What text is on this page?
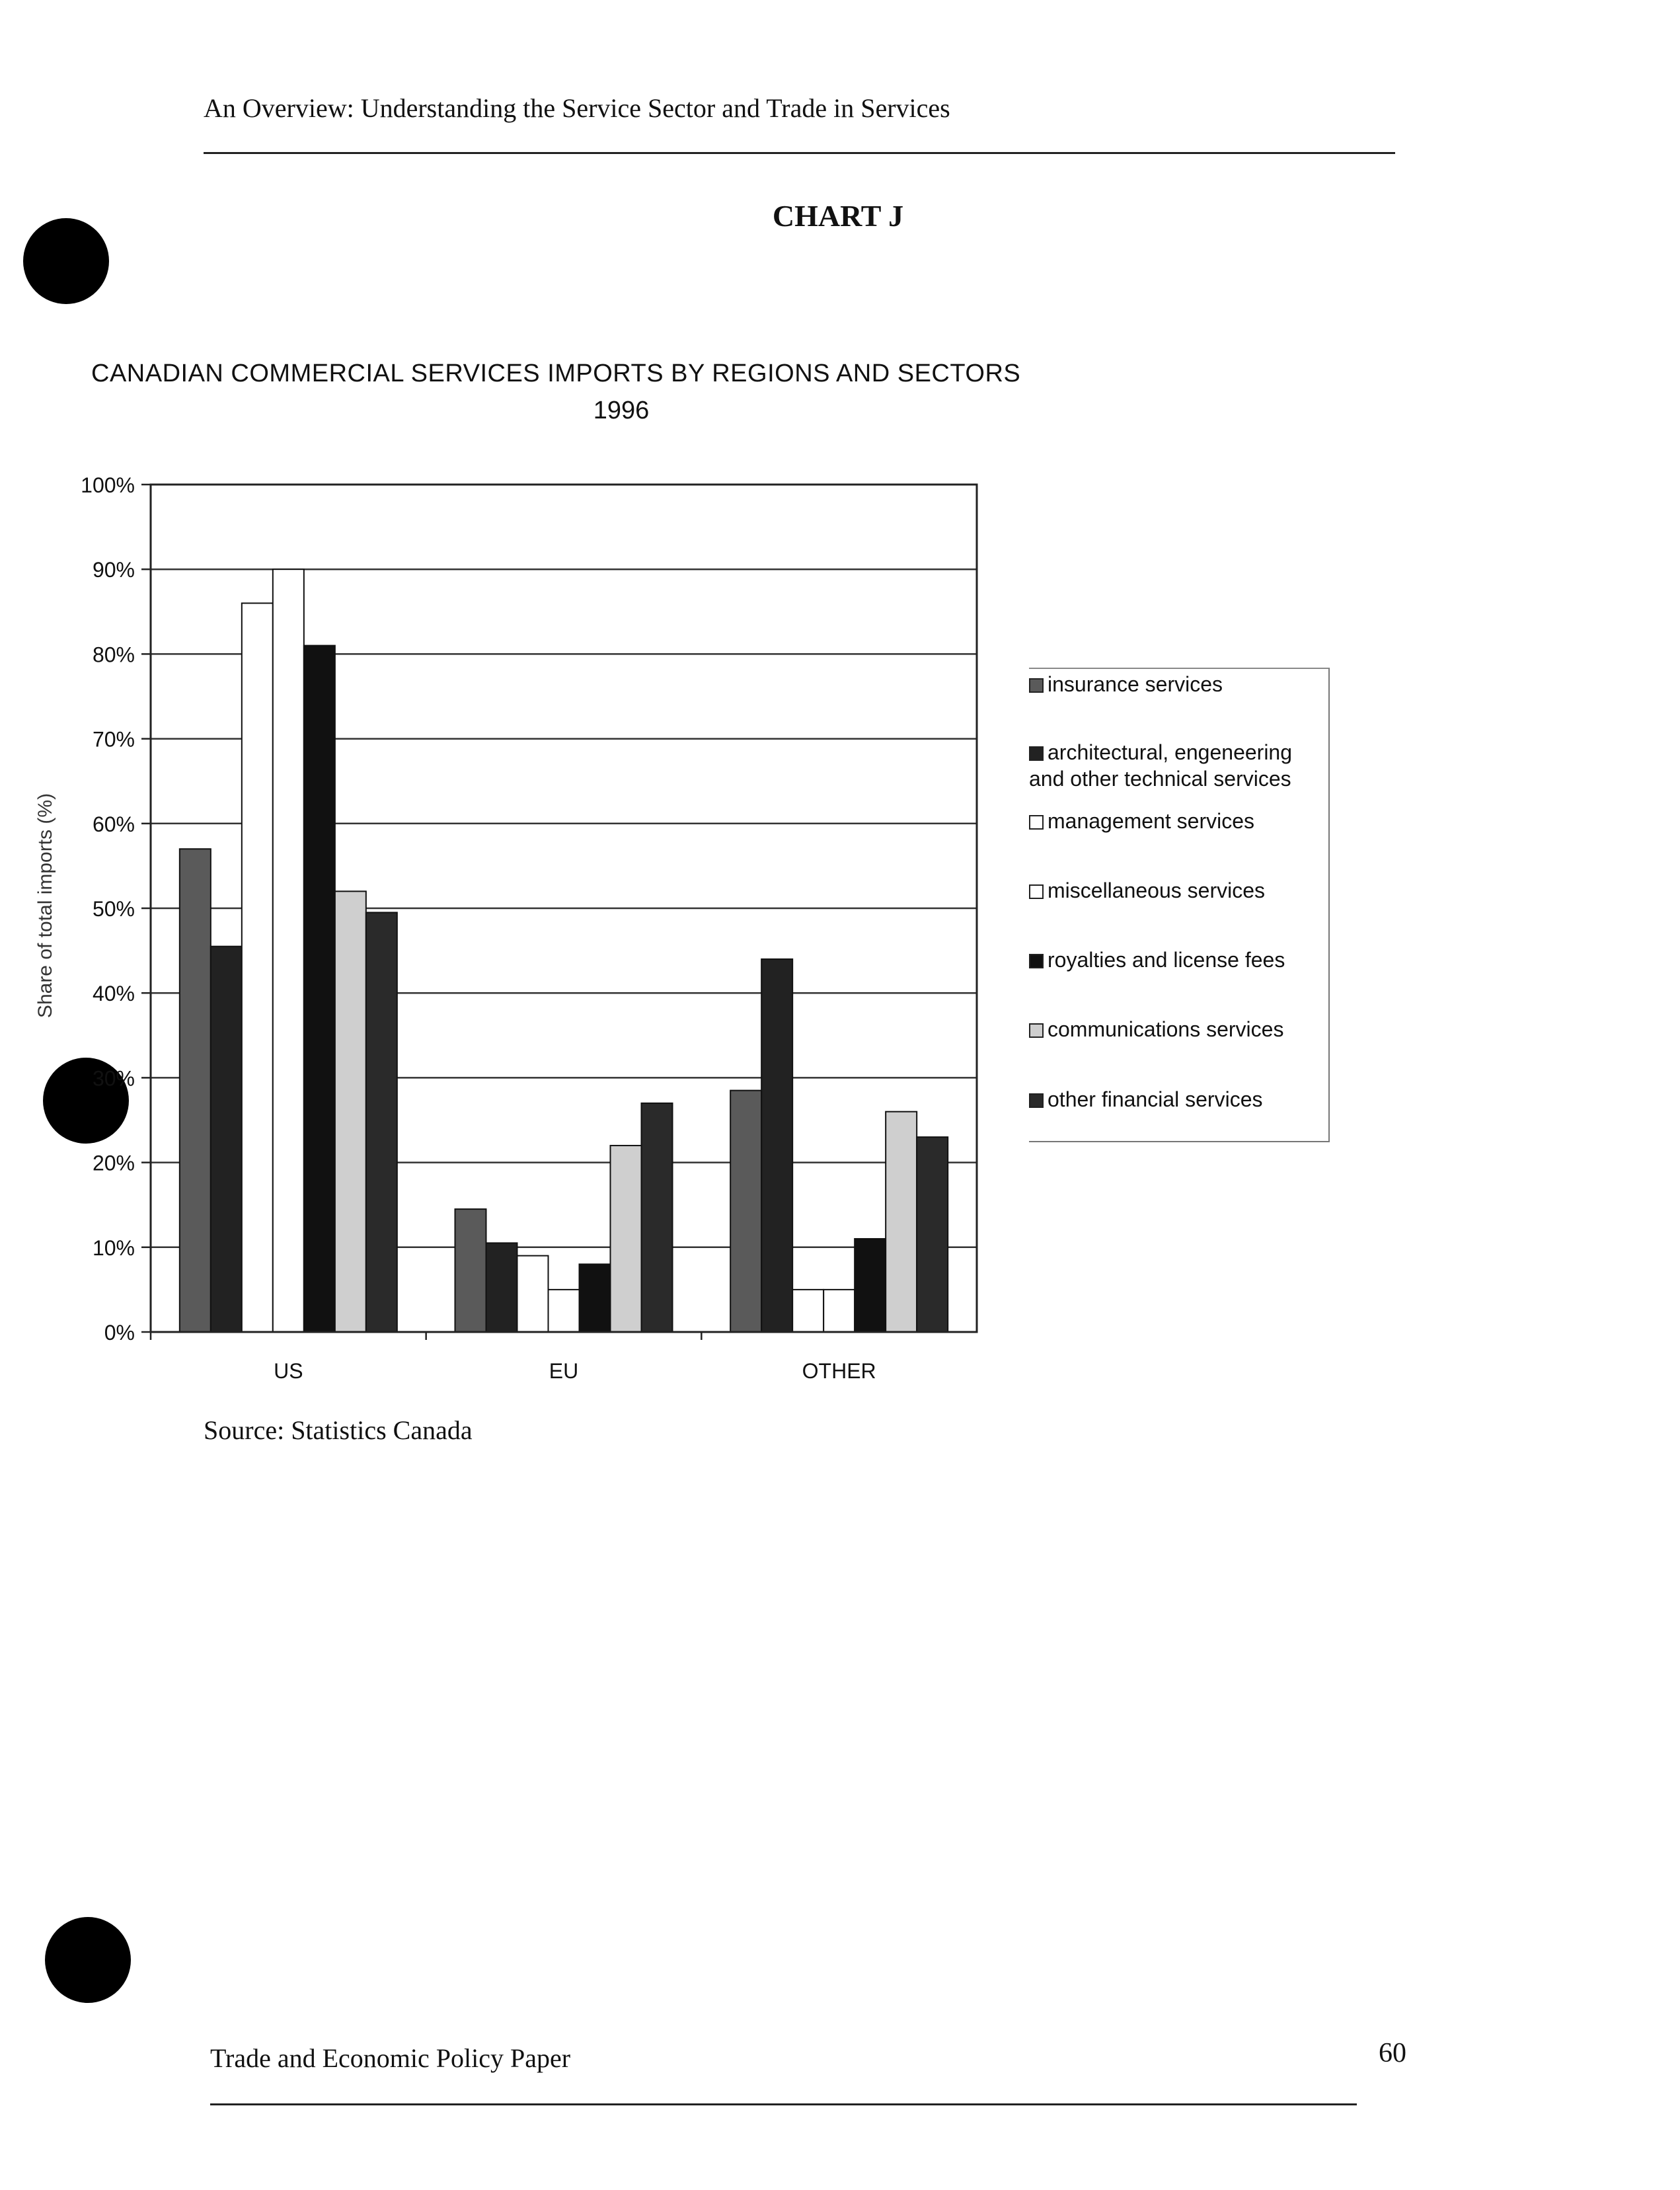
An Overview: Understanding the Service Sector and Trade in Services
CHART J
CANADIAN COMMERCIAL SERVICES IMPORTS BY REGIONS AND SECTORS
1996
0%
10%
20%
30%
40%
50%
60%
70%
80%
90%
100%
Share of total imports (%)
US	EU	OTHER
insurance services
architectural, engeneering
and other technical services
management services
miscellaneous services
royalties and license fees
communications services
other financial services
Source: Statistics Canada
Trade and Economic Policy Paper	60
